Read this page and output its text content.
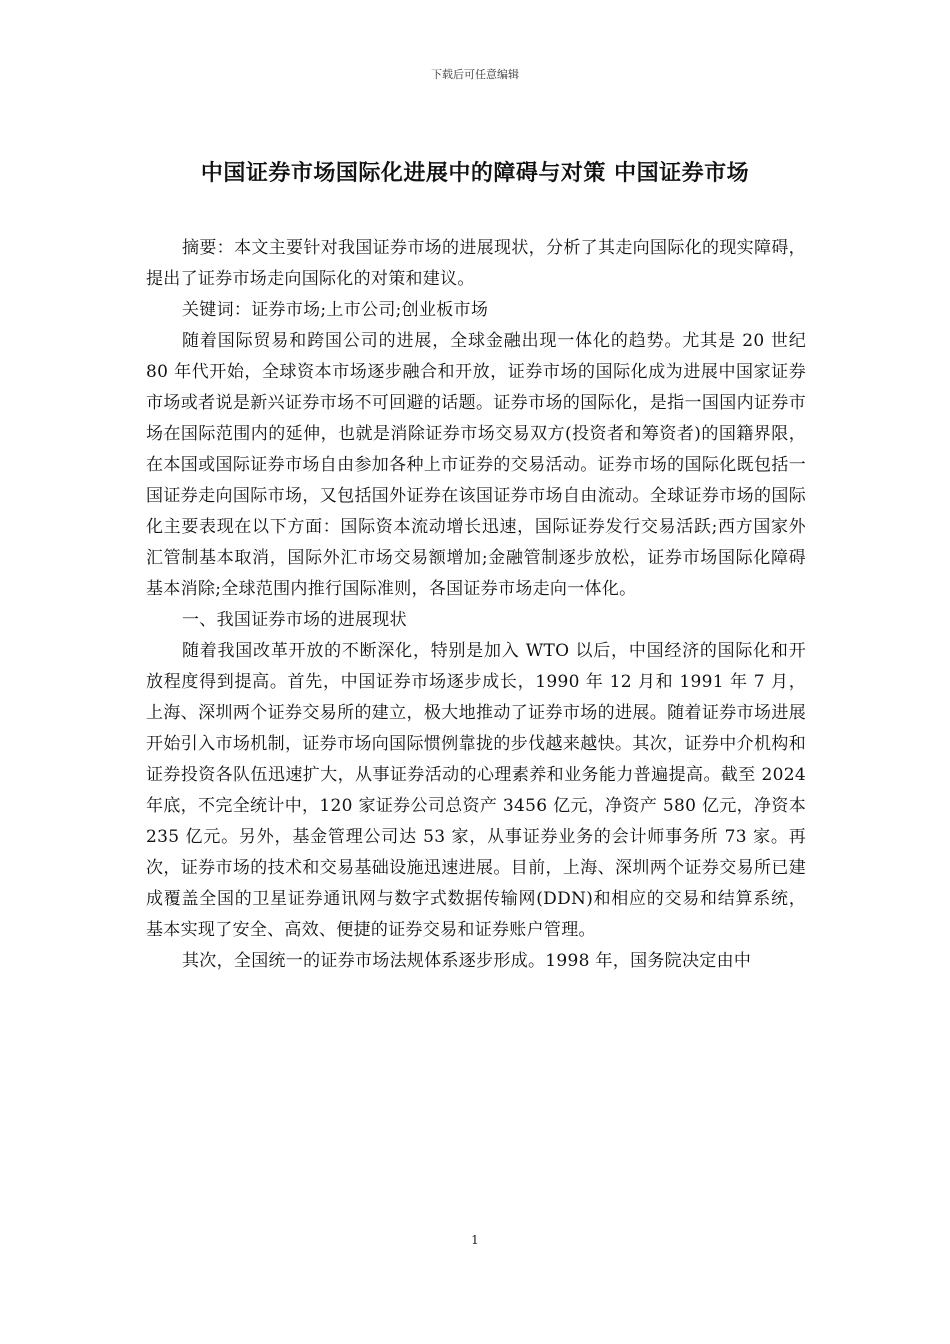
下载后可任意编辑
中国证券市场国际化进展中的障碍与对策 中国证券市场

摘要：本文主要针对我国证券市场的进展现状，分析了其走向国际化的现实障碍，提出了证券市场走向国际化的对策和建议。

关键词：证券市场;上市公司;创业板市场

随着国际贸易和跨国公司的进展，全球金融出现一体化的趋势。尤其是 20 世纪 80 年代开始，全球资本市场逐步融合和开放，证券市场的国际化成为进展中国家证券市场或者说是新兴证券市场不可回避的话题。证券市场的国际化，是指一国国内证券市场在国际范围内的延伸，也就是消除证券市场交易双方(投资者和筹资者)的国籍界限，在本国或国际证券市场自由参加各种上市证券的交易活动。证券市场的国际化既包括一国证券走向国际市场，又包括国外证券在该国证券市场自由流动。全球证券市场的国际化主要表现在以下方面：国际资本流动增长迅速，国际证券发行交易活跃;西方国家外汇管制基本取消，国际外汇市场交易额增加;金融管制逐步放松，证券市场国际化障碍基本消除;全球范围内推行国际准则，各国证券市场走向一体化。

一、我国证券市场的进展现状

随着我国改革开放的不断深化，特别是加入 WTO 以后，中国经济的国际化和开放程度得到提高。首先，中国证券市场逐步成长，1990 年 12 月和 1991 年 7 月，上海、深圳两个证券交易所的建立，极大地推动了证券市场的进展。随着证券市场进展开始引入市场机制，证券市场向国际惯例靠拢的步伐越来越快。其次，证券中介机构和证券投资各队伍迅速扩大，从事证券活动的心理素养和业务能力普遍提高。截至 2024 年底，不完全统计中，120 家证券公司总资产 3456 亿元，净资产 580 亿元，净资本 235 亿元。另外，基金管理公司达 53 家，从事证券业务的会计师事务所 73 家。再次，证券市场的技术和交易基础设施迅速进展。目前，上海、深圳两个证券交易所已建成覆盖全国的卫星证券通讯网与数字式数据传输网(DDN)和相应的交易和结算系统，基本实现了安全、高效、便捷的证券交易和证券账户管理。

其次，全国统一的证券市场法规体系逐步形成。1998 年，国务院决定由中

1
